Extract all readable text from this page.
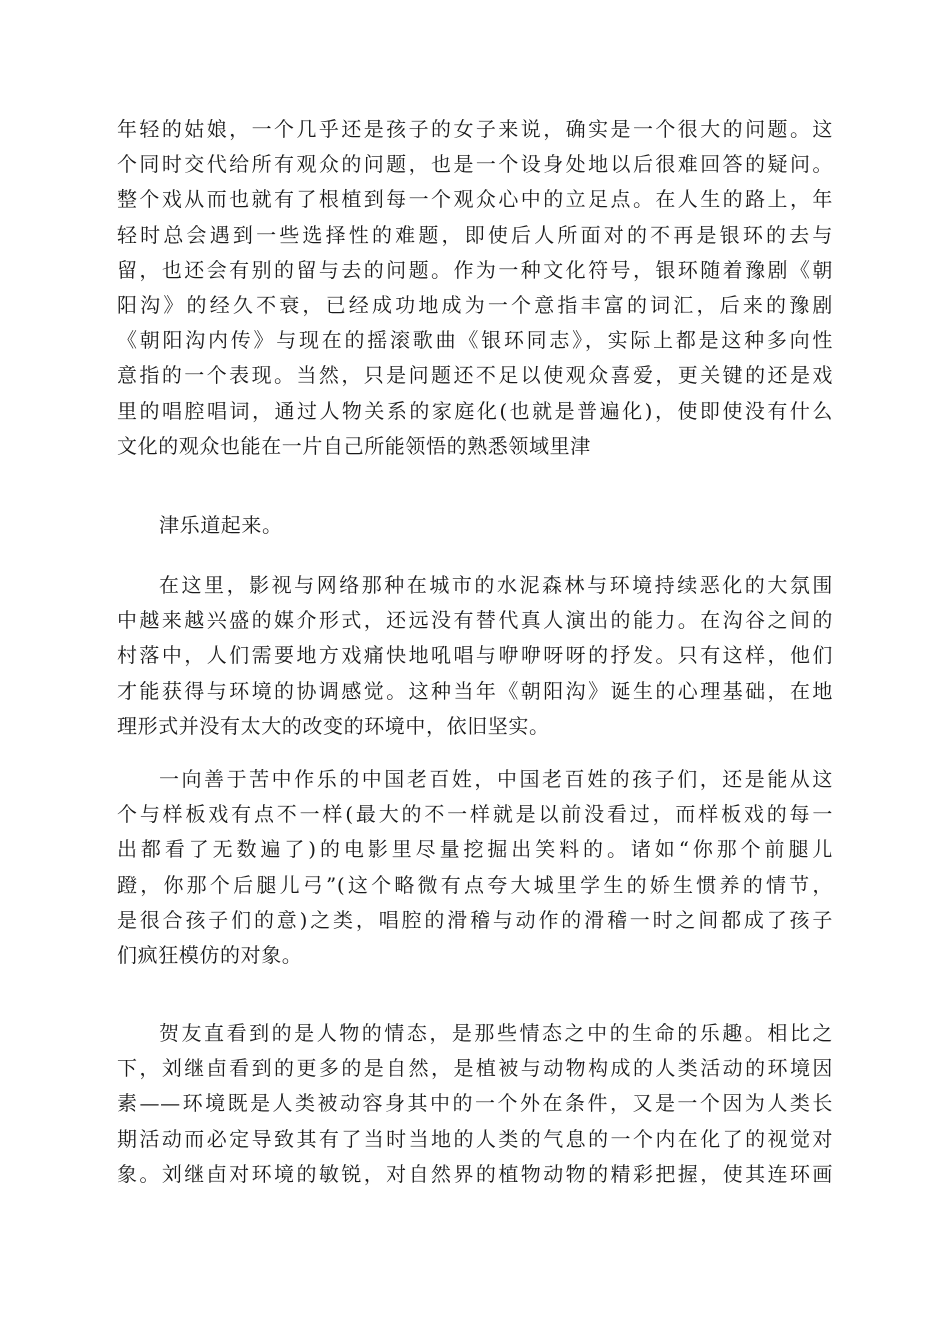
年轻的姑娘，一个几乎还是孩子的女子来说，确实是一个很大的问题。这
个同时交代给所有观众的问题，也是一个设身处地以后很难回答的疑问。
整个戏从而也就有了根植到每一个观众心中的立足点。在人生的路上，年
轻时总会遇到一些选择性的难题，即使后人所面对的不再是银环的去与
留，也还会有别的留与去的问题。作为一种文化符号，银环随着豫剧《朝
阳沟》的经久不衰，已经成功地成为一个意指丰富的词汇，后来的豫剧
《朝阳沟内传》与现在的摇滚歌曲《银环同志》，实际上都是这种多向性
意指的一个表现。当然，只是问题还不足以使观众喜爱，更关键的还是戏
里的唱腔唱词，通过人物关系的家庭化(也就是普遍化)，使即使没有什么
文化的观众也能在一片自己所能领悟的熟悉领域里津
津乐道起来。
在这里，影视与网络那种在城市的水泥森林与环境持续恶化的大氛围
中越来越兴盛的媒介形式，还远没有替代真人演出的能力。在沟谷之间的
村落中，人们需要地方戏痛快地吼唱与咿咿呀呀的抒发。只有这样，他们
才能获得与环境的协调感觉。这种当年《朝阳沟》诞生的心理基础，在地
理形式并没有太大的改变的环境中，依旧坚实。
一向善于苦中作乐的中国老百姓，中国老百姓的孩子们，还是能从这
个与样板戏有点不一样(最大的不一样就是以前没看过，而样板戏的每一
出都看了无数遍了)的电影里尽量挖掘出笑料的。诸如“你那个前腿儿
蹬，你那个后腿儿弓”(这个略微有点夸大城里学生的娇生惯养的情节，
是很合孩子们的意)之类，唱腔的滑稽与动作的滑稽一时之间都成了孩子
们疯狂模仿的对象。
贺友直看到的是人物的情态，是那些情态之中的生命的乐趣。相比之
下，刘继卣看到的更多的是自然，是植被与动物构成的人类活动的环境因
素——环境既是人类被动容身其中的一个外在条件，又是一个因为人类长
期活动而必定导致其有了当时当地的人类的气息的一个内在化了的视觉对
象。刘继卣对环境的敏锐，对自然界的植物动物的精彩把握，使其连环画
